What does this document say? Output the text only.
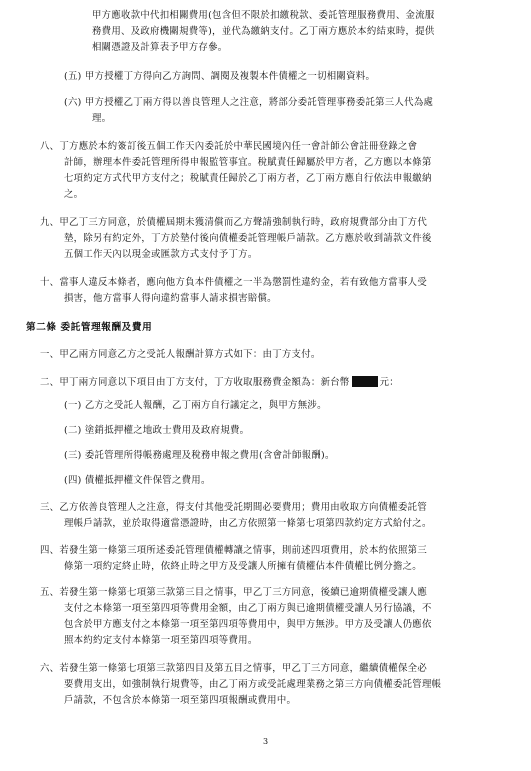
甲方應收款中代扣相關費用(包含但不限於扣繳稅款、委託管理服務費用、金流服
務費用、及政府機關規費等)，並代為繳納支付。乙丁兩方應於本約結束時，提供
相關憑證及計算表予甲方存參。
(五) 甲方授權丁方得向乙方詢問、調閱及複製本件債權之一切相關資料。
(六) 甲方授權乙丁兩方得以善良管理人之注意，將部分委託管理事務委託第三人代為處
理。
八、丁方應於本約簽訂後五個工作天內委託於中華民國境內任一會計師公會註冊登錄之會
計師，辦理本件委託管理所得申報監管事宜。稅賦責任歸屬於甲方者，乙方應以本條第
七項約定方式代甲方支付之；稅賦責任歸於乙丁兩方者，乙丁兩方應自行依法申報繳納
之。
九、甲乙丁三方同意，於債權屆期未獲清償而乙方聲請強制執行時，政府規費部分由丁方代
墊，除另有約定外，丁方於墊付後向債權委託管理帳戶請款。乙方應於收到請款文件後
五個工作天內以現金或匯款方式支付予丁方。
十、當事人違反本條者，應向他方負本件債權之一半為懲罰性違約金，若有致他方當事人受
損害，他方當事人得向違約當事人請求損害賠償。
第二條 委託管理報酬及費用
一、甲乙兩方同意乙方之受託人報酬計算方式如下：由丁方支付。
二、甲丁兩方同意以下項目由丁方支付，丁方收取服務費金額為：新台幣	元：
(一) 乙方之受託人報酬，乙丁兩方自行議定之，與甲方無涉。
(二) 塗銷抵押權之地政士費用及政府規費。
(三) 委託管理所得帳務處理及稅務申報之費用(含會計師報酬)。
(四) 債權抵押權文件保管之費用。
三、乙方依善良管理人之注意，得支付其他受託期間必要費用；費用由收取方向債權委託管
理帳戶請款，並於取得適當憑證時，由乙方依照第一條第七項第四款約定方式給付之。
四、若發生第一條第三項所述委託管理債權轉讓之情事，則前述四項費用，於本約依照第三
條第一項約定終止時，依終止時之甲方及受讓人所擁有債權佔本件債權比例分擔之。
五、若發生第一條第七項第三款第三目之情事，甲乙丁三方同意，後續已逾期債權受讓人應
支付之本條第一項至第四項等費用金額，由乙丁兩方與已逾期債權受讓人另行協議，不
包含於甲方應支付之本條第一項至第四項等費用中，與甲方無涉。甲方及受讓人仍應依
照本約約定支付本條第一項至第四項等費用。
六、若發生第一條第七項第三款第四目及第五目之情事，甲乙丁三方同意，繼續債權保全必
要費用支出，如強制執行規費等，由乙丁兩方或受託處理業務之第三方向債權委託管理帳
戶請款，不包含於本條第一項至第四項報酬或費用中。
3
